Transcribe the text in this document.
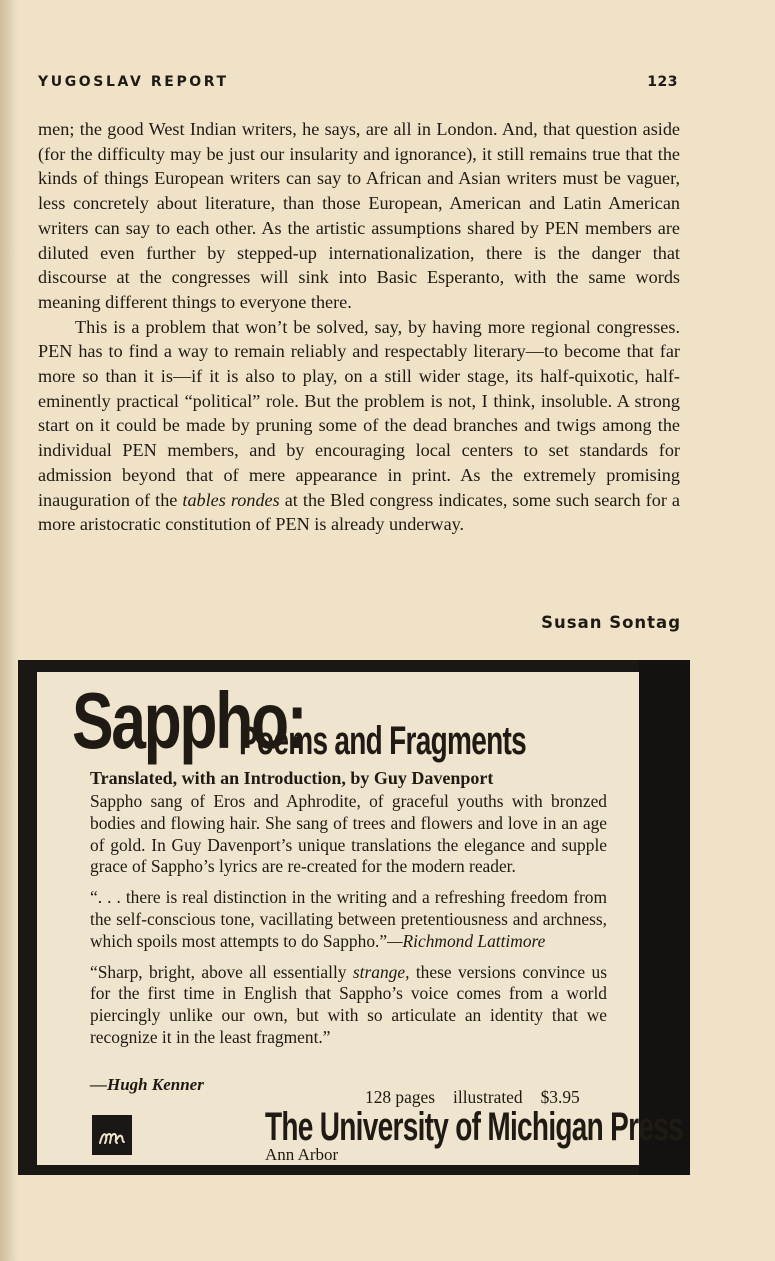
YUGOSLAV REPORT	123

men; the good West Indian writers, he says, are all in London. And, that question aside (for the difficulty may be just our insularity and ignorance), it still remains true that the kinds of things European writers can say to African and Asian writers must be vaguer, less concretely about literature, than those European, American and Latin American writers can say to each other. As the artistic assumptions shared by PEN members are diluted even further by stepped-up internationalization, there is the danger that discourse at the congresses will sink into Basic Esperanto, with the same words meaning different things to everyone there.

This is a problem that won’t be solved, say, by having more regional congresses. PEN has to find a way to remain reliably and respectably literary—to become that far more so than it is—if it is also to play, on a still wider stage, its half-quixotic, half-eminently practical “political” role. But the problem is not, I think, insoluble. A strong start on it could be made by pruning some of the dead branches and twigs among the individual PEN members, and by encouraging local centers to set standards for admission beyond that of mere appearance in print. As the extremely promising inauguration of the tables rondes at the Bled congress indicates, some such search for a more aristocratic constitution of PEN is already underway.

Susan Sontag
Sappho:
Poems and Fragments
Translated, with an Introduction, by Guy Davenport

Sappho sang of Eros and Aphrodite, of graceful youths with bronzed bodies and flowing hair. She sang of trees and flowers and love in an age of gold. In Guy Davenport’s unique translations the elegance and supple grace of Sappho’s lyrics are re-created for the modern reader.

“. . . there is real distinction in the writing and a refreshing freedom from the self-conscious tone, vacillating between pretentiousness and archness, which spoils most attempts to do Sappho.”—Richmond Lattimore

“Sharp, bright, above all essentially strange, these versions convince us for the first time in English that Sappho’s voice comes from a world piercingly unlike our own, but with so articulate an identity that we recognize it in the least fragment.”

—Hugh Kenner
128 pages illustrated $3.95
The University of Michigan Press
Ann Arbor
